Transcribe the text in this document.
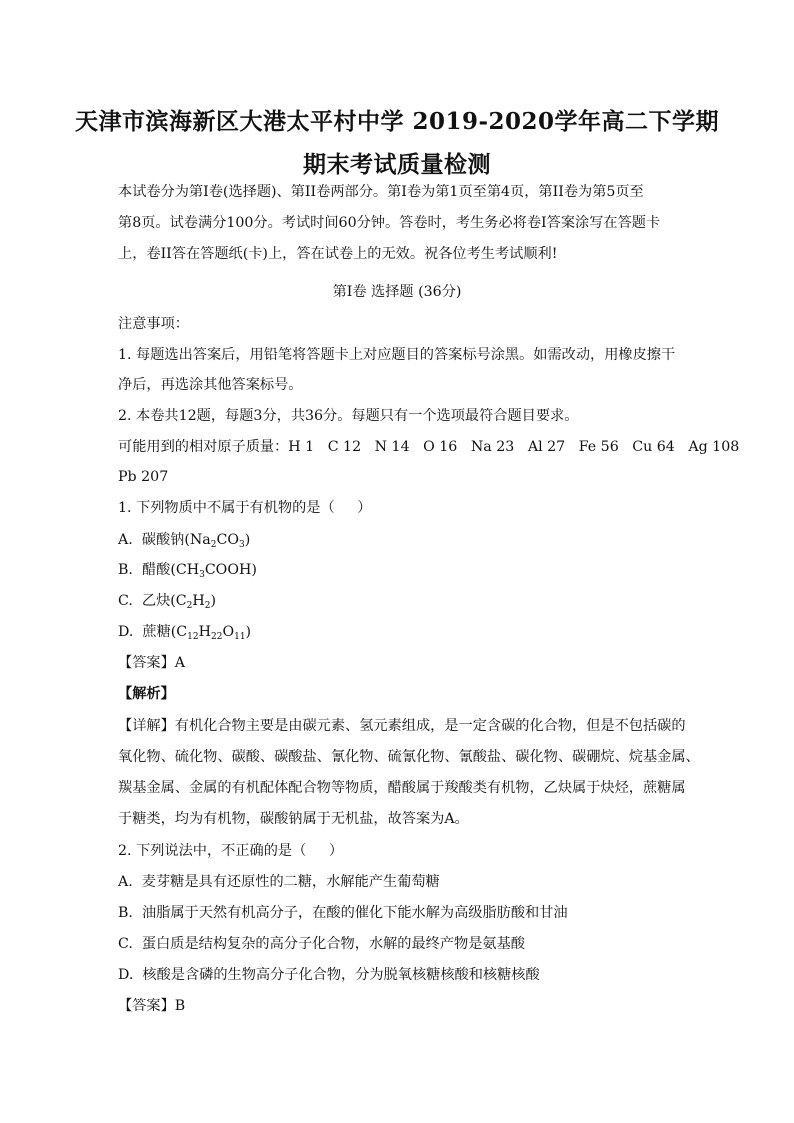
天津市滨海新区大港太平村中学 2019-2020学年高二下学期
期末考试质量检测
本试卷分为第I卷(选择题)、第II卷两部分。第I卷为第1页至第4页，第II卷为第5页至
第8页。试卷满分100分。考试时间60分钟。答卷时，考生务必将卷I答案涂写在答题卡
上，卷II答在答题纸(卡)上，答在试卷上的无效。祝各位考生考试顺利!
第I卷 选择题 (36分)
注意事项：
1. 每题选出答案后，用铅笔将答题卡上对应题目的答案标号涂黑。如需改动，用橡皮擦干
净后，再选涂其他答案标号。
2. 本卷共12题，每题3分，共36分。每题只有一个选项最符合题目要求。
可能用到的相对原子质量：H 1   C 12   N 14   O 16   Na 23   Al 27   Fe 56   Cu 64   Ag 108
Pb 207
1. 下列物质中不属于有机物的是（     ）
A.  碳酸钠$(Na_2CO_3)$
B.  醋酸$(CH_3COOH)$
C.  乙炔$(C_2H_2)$
D.  蔗糖$(C_{12}H_{22}O_{11})$
【答案】A
【解析】
【详解】有机化合物主要是由碳元素、氢元素组成，是一定含碳的化合物，但是不包括碳的
氧化物、硫化物、碳酸、碳酸盐、氰化物、硫氰化物、氰酸盐、碳化物、碳硼烷、烷基金属、
羰基金属、金属的有机配体配合物等物质，醋酸属于羧酸类有机物，乙炔属于炔烃，蔗糖属
于糖类，均为有机物，碳酸钠属于无机盐，故答案为A。
2. 下列说法中，不正确的是（     ）
A.  麦芽糖是具有还原性的二糖，水解能产生葡萄糖
B.  油脂属于天然有机高分子，在酸的催化下能水解为高级脂肪酸和甘油
C.  蛋白质是结构复杂的高分子化合物，水解的最终产物是氨基酸
D.  核酸是含磷的生物高分子化合物，分为脱氧核糖核酸和核糖核酸
【答案】B
